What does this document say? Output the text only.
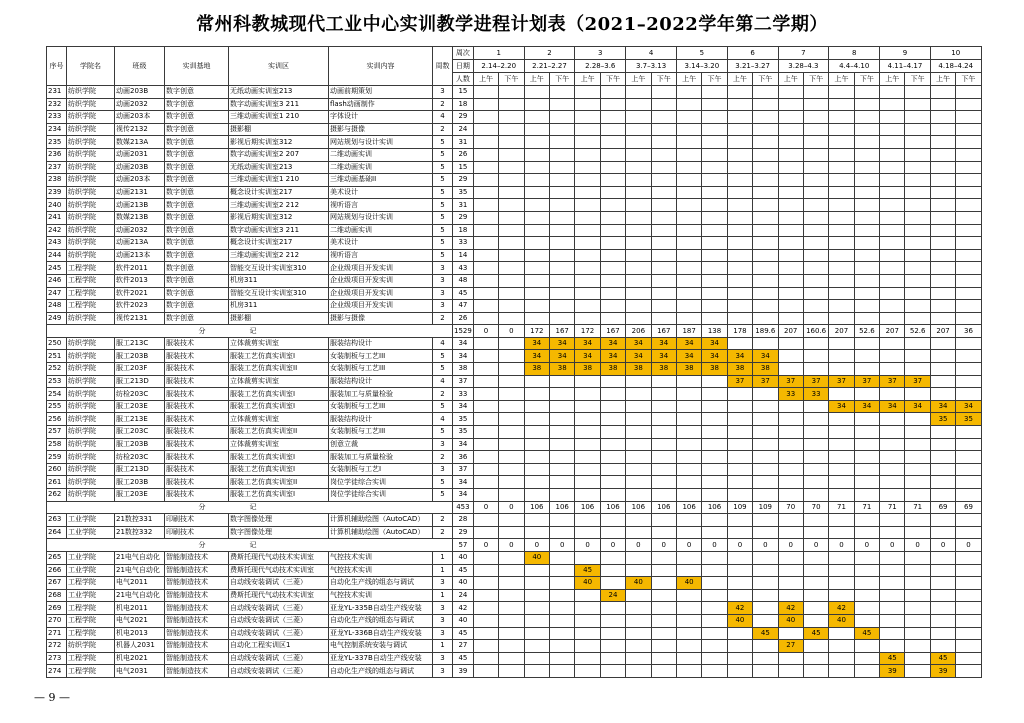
常州科教城现代工业中心实训教学进程计划表（2021–2022学年第二学期）
序号	学院名	班级	实训基地	实训区	实训内容	周数	周次	1		2		3		4		5		6		7		8		9		10	
							日期	2.14–2.20		2.21–2.27		2.28–3.6		3.7–3.13		3.14–3.20		3.21–3.27		3.28–4.3		4.4–4.10		4.11–4.17		4.18–4.24	
							人数	上午	下午	上午	下午	上午	下午	上午	下午	上午	下午	上午	下午	上午	下午	上午	下午	上午	下午	上午	下午
231	纺织学院	动画203B	数字创意	无纸动画实训室213	动画前期策划	3	15																				
232	纺织学院	动画2032	数字创意	数字动画实训室3 211	flash动画制作	2	18																				
233	纺织学院	动画203本	数字创意	三维动画实训室1 210	字体设计	4	29																				
234	纺织学院	视传2132	数字创意	摄影棚	摄影与摄像	2	24																				
235	纺织学院	数媒213A	数字创意	影视后期实训室312	网站规划与设计实训	5	31																				
236	纺织学院	动画2031	数字创意	数字动画实训室2 207	二维动画实训	5	26																				
237	纺织学院	动画203B	数字创意	无纸动画实训室213	二维动画实训	5	15																				
238	纺织学院	动画203本	数字创意	三维动画实训室1 210	三维动画基础II	5	29																				
239	纺织学院	动画2131	数字创意	概念设计实训室217	美术设计	5	35																				
240	纺织学院	动画213B	数字创意	三维动画实训室2 212	视听语言	5	31																				
241	纺织学院	数媒213B	数字创意	影视后期实训室312	网站规划与设计实训	5	29																				
242	纺织学院	动画2032	数字创意	数字动画实训室3 211	二维动画实训	5	18																				
243	纺织学院	动画213A	数字创意	概念设计实训室217	美术设计	5	33																				
244	纺织学院	动画213本	数字创意	三维动画实训室2 212	视听语言	5	14																				
245	工程学院	软件2011	数字创意	智能交互设计实训室310	企业级项目开发实训	3	43																				
246	工程学院	软件2013	数字创意	机房311	企业级项目开发实训	3	48																				
247	工程学院	软件2021	数字创意	智能交互设计实训室310	企业级项目开发实训	3	45																				
248	工程学院	软件2023	数字创意	机房311	企业级项目开发实训	3	47																				
249	纺织学院	视传2131	数字创意	摄影棚	摄影与摄像	2	26																				
分记							1529	0	0	172	167	172	167	206	167	187	138	178	189.6	207	160.6	207	52.6	207	52.6	207	36
250	纺织学院	服工213C	服装技术	立体裁剪实训室	服装结构设计	4	34			34	34	34	34	34	34	34	34										
251	纺织学院	服工203B	服装技术	服装工艺仿真实训室I	女装制板与工艺III	5	34			34	34	34	34	34	34	34	34	34	34								
252	纺织学院	服工203F	服装技术	服装工艺仿真实训室II	女装制板与工艺III	5	38			38	38	38	38	38	38	38	38	38	38								
253	纺织学院	服工213D	服装技术	立体裁剪实训室	服装结构设计	4	37											37	37	37	37	37	37	37	37		
254	纺织学院	纺检203C	服装技术	服装工艺仿真实训室I	服装加工与质量检验	2	33													33	33						
255	纺织学院	服工203E	服装技术	服装工艺仿真实训室I	女装制板与工艺III	5	34															34	34	34	34	34	34
256	纺织学院	服工213E	服装技术	立体裁剪实训室	服装结构设计	4	35																			35	35
257	纺织学院	服工203C	服装技术	服装工艺仿真实训室II	女装制板与工艺III	5	35																				
258	纺织学院	服工203B	服装技术	立体裁剪实训室	创意立裁	3	34																				
259	纺织学院	纺检203C	服装技术	服装工艺仿真实训室I	服装加工与质量检验	2	36																				
260	纺织学院	服工213D	服装技术	服装工艺仿真实训室I	女装制板与工艺I	3	37																				
261	纺织学院	服工203B	服装技术	服装工艺仿真实训室II	岗位学徒综合实训	5	34																				
262	纺织学院	服工203E	服装技术	服装工艺仿真实训室I	岗位学徒综合实训	5	34																				
分记							453	0	0	106	106	106	106	106	106	106	106	109	109	70	70	71	71	71	71	69	69
263	工业学院	21数控331	印刷技术	数字图像处理	计算机辅助绘图（AutoCAD）	2	28																				
264	工业学院	21数控332	印刷技术	数字图像处理	计算机辅助绘图（AutoCAD）	2	29																				
分记							57	0	0	0	0	0	0	0	0	0	0	0	0	0	0	0	0	0	0	0	0
265	工业学院	21电气自动化	智能制造技术	费斯托现代气动技术实训室	气控技术实训	1	40			40																	
266	工业学院	21电气自动化	智能制造技术	费斯托现代气动技术实训室	气控技术实训	1	45					45															
267	工程学院	电气2011	智能制造技术	自动线安装调试（三菱）	自动化生产线的组态与调试	3	40					40		40		40											
268	工业学院	21电气自动化	智能制造技术	费斯托现代气动技术实训室	气控技术实训	1	24						24														
269	工程学院	机电2011	智能制造技术	自动线安装调试（三菱）	亚龙YL-335B自动生产线安装	3	42											42		42		42					
270	工程学院	电气2021	智能制造技术	自动线安装调试（三菱）	自动化生产线的组态与调试	3	40											40		40		40					
271	工程学院	机电2013	智能制造技术	自动线安装调试（三菱）	亚龙YL-336B自动生产线安装	3	45												45		45		45				
272	纺织学院	机器人2031	智能制造技术	自动化工程实训区1	电气控制系统安装与调试	1	27													27							
273	工程学院	机电2021	智能制造技术	自动线安装调试（三菱）	亚龙YL-337B自动生产线安装	3	45																	45		45	
274	工程学院	电气2031	智能制造技术	自动线安装调试（三菱）	自动化生产线的组态与调试	3	39																	39		39	
— 9 —
